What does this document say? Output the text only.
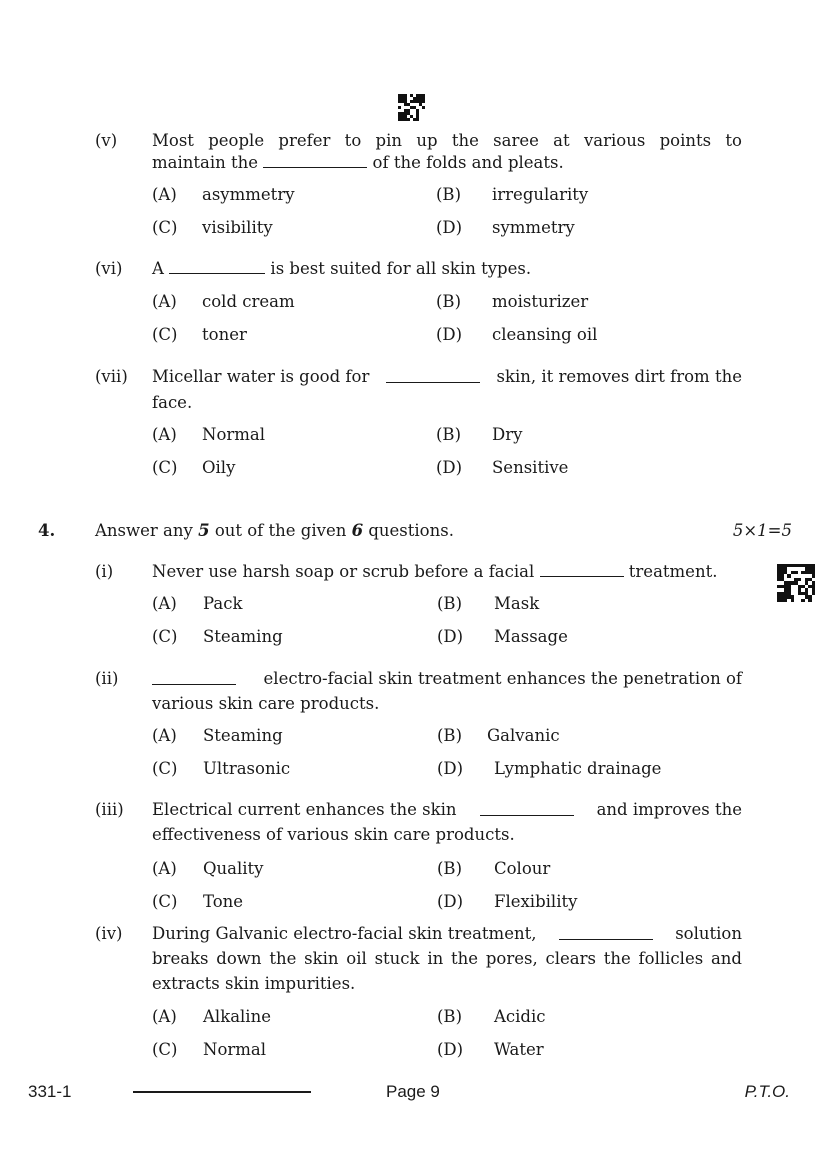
(v) Most people prefer to pin up the saree at various points to
maintain the	of the folds and pleats.
(A) asymmetry	(B) irregularity
(C) visibility	(D) symmetry
(vi) A	is best suited for all skin types.
(A) cold cream	(B) moisturizer
(C) toner	(D) cleansing oil
(vii) Micellar water is good for	skin, it removes dirt from the
face.
(A) Normal	(B) Dry
(C) Oily	(D) Sensitive
4. Answer any 5 out of the given 6 questions.	5×1=5
(i) Never use harsh soap or scrub before a facial	treatment.
(A) Pack	(B) Mask
(C) Steaming	(D) Massage
(ii)	electro-facial skin treatment enhances the penetration of
various skin care products.
(A) Steaming	(B) Galvanic
(C) Ultrasonic	(D) Lymphatic drainage
(iii) Electrical current enhances the skin	and improves the
effectiveness of various skin care products.
(A) Quality	(B) Colour
(C) Tone	(D) Flexibility
(iv) During Galvanic electro-facial skin treatment,	solution
breaks down the skin oil stuck in the pores, clears the follicles and
extracts skin impurities.
(A) Alkaline	(B) Acidic
(C) Normal	(D) Water
331-1	Page 9	P.T.O.
